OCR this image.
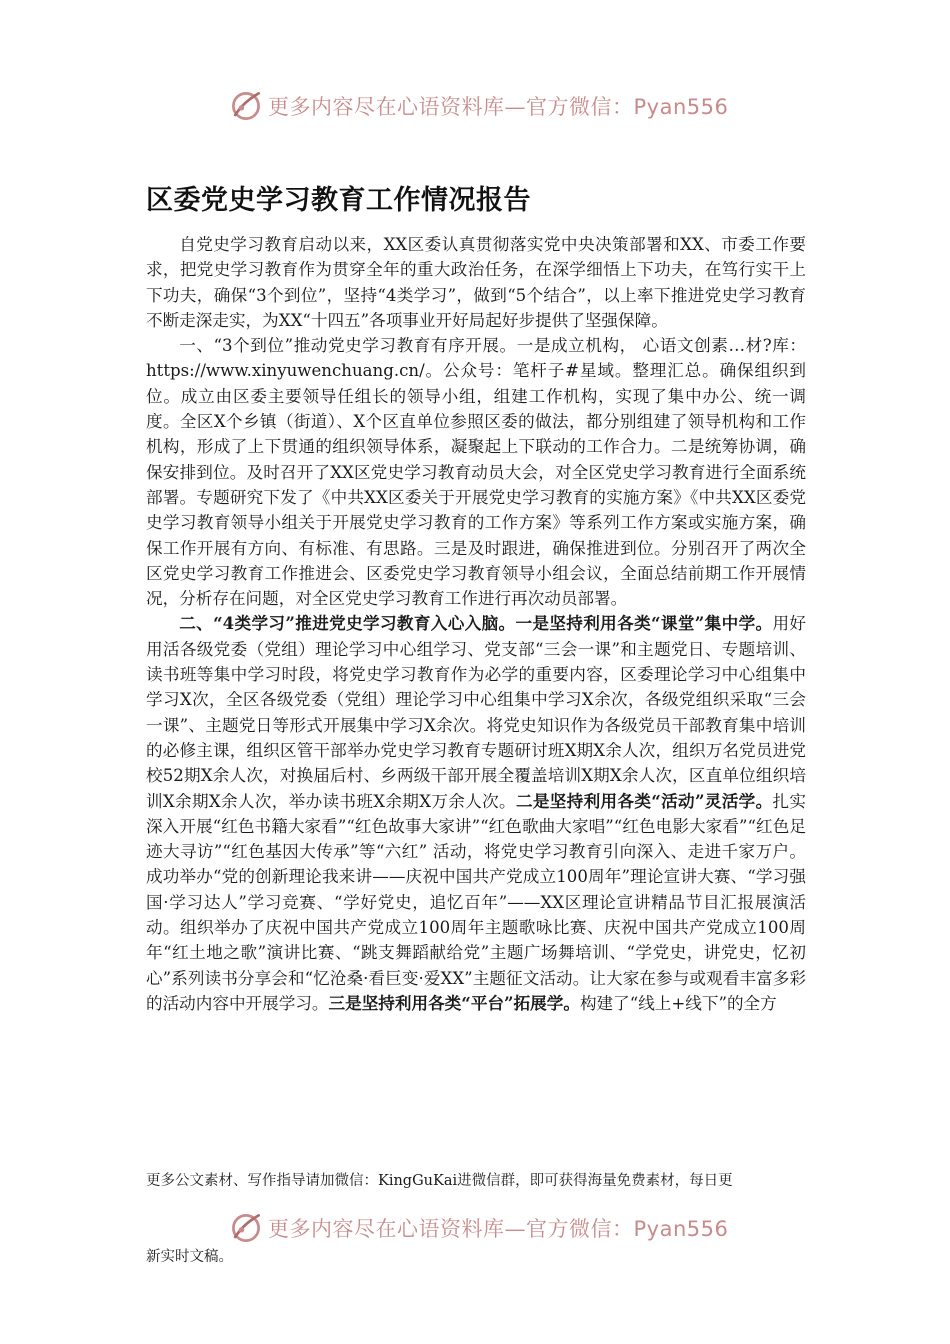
更多内容尽在心语资料库—官方微信：Pyan556
区委党史学习教育工作情况报告

自党史学习教育启动以来，XX区委认真贯彻落实党中央决策部署和XX、市委工作要求，把党史学习教育作为贯穿全年的重大政治任务，在深学细悟上下功夫，在笃行实干上下功夫，确保“3个到位”，坚持“4类学习”，做到“5个结合”，以上率下推进党史学习教育不断走深走实，为XX“十四五”各项事业开好局起好步提供了坚强保障。

一、“3个到位”推动党史学习教育有序开展。一是成立机构， 心语文创素…材?库：https://www.xinyuwenchuang.cn/。公众号：笔杆子#星域。整理汇总。确保组织到位。成立由区委主要领导任组长的领导小组，组建工作机构，实现了集中办公、统一调度。全区X个乡镇（街道）、X个区直单位参照区委的做法，都分别组建了领导机构和工作机构，形成了上下贯通的组织领导体系，凝聚起上下联动的工作合力。二是统筹协调，确保安排到位。及时召开了XX区党史学习教育动员大会，对全区党史学习教育进行全面系统部署。专题研究下发了《中共XX区委关于开展党史学习教育的实施方案》《中共XX区委党史学习教育领导小组关于开展党史学习教育的工作方案》等系列工作方案或实施方案，确保工作开展有方向、有标准、有思路。三是及时跟进，确保推进到位。分别召开了两次全区党史学习教育工作推进会、区委党史学习教育领导小组会议，全面总结前期工作开展情况，分析存在问题，对全区党史学习教育工作进行再次动员部署。

二、“4类学习”推进党史学习教育入心入脑。一是坚持利用各类“课堂”集中学。用好用活各级党委（党组）理论学习中心组学习、党支部“三会一课”和主题党日、专题培训、读书班等集中学习时段，将党史学习教育作为必学的重要内容，区委理论学习中心组集中学习X次，全区各级党委（党组）理论学习中心组集中学习X余次，各级党组织采取“三会一课”、主题党日等形式开展集中学习X余次。将党史知识作为各级党员干部教育集中培训的必修主课，组织区管干部举办党史学习教育专题研讨班X期X余人次，组织万名党员进党校52期X余人次，对换届后村、乡两级干部开展全覆盖培训X期X余人次，区直单位组织培训X余期X余人次，举办读书班X余期X万余人次。二是坚持利用各类“活动”灵活学。扎实深入开展“红色书籍大家看”“红色故事大家讲”“红色歌曲大家唱”“红色电影大家看”“红色足迹大寻访”“红色基因大传承”等“六红” 活动，将党史学习教育引向深入、走进千家万户。成功举办“党的创新理论我来讲——庆祝中国共产党成立100周年”理论宣讲大赛、“学习强国·学习达人”学习竞赛、“学好党史，追忆百年”——XX区理论宣讲精品节目汇报展演活动。组织举办了庆祝中国共产党成立100周年主题歌咏比赛、庆祝中国共产党成立100周年“红土地之歌”演讲比赛、“跳支舞蹈献给党”主题广场舞培训、“学党史，讲党史，忆初心”系列读书分享会和“忆沧桑·看巨变·爱XX”主题征文活动。让大家在参与或观看丰富多彩的活动内容中开展学习。三是坚持利用各类“平台”拓展学。构建了“线上+线下”的全方

更多公文素材、写作指导请加微信：KingGuKai进微信群，即可获得海量免费素材，每日更
更多内容尽在心语资料库—官方微信：Pyan556
新实时文稿。
